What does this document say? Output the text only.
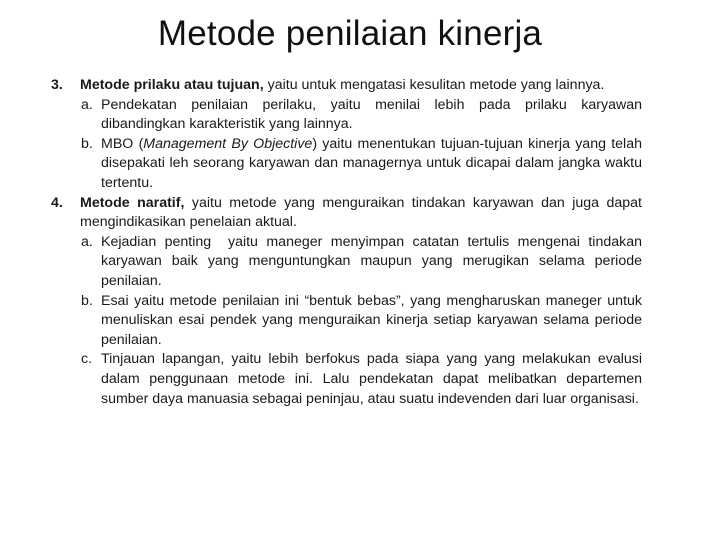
Metode penilaian kinerja
3. Metode prilaku atau tujuan, yaitu untuk mengatasi kesulitan metode yang lainnya.
a. Pendekatan penilaian perilaku, yaitu menilai lebih pada prilaku karyawan dibandingkan karakteristik yang lainnya.
b. MBO (Management By Objective) yaitu menentukan tujuan-tujuan kinerja yang telah disepakati leh seorang karyawan dan managernya untuk dicapai dalam jangka waktu tertentu.
4. Metode naratif, yaitu metode yang menguraikan tindakan karyawan dan juga dapat mengindikasikan penelaian aktual.
a. Kejadian penting  yaitu maneger menyimpan catatan tertulis mengenai tindakan karyawan baik yang menguntungkan maupun yang merugikan selama periode penilaian.
b. Esai yaitu metode penilaian ini “bentuk bebas”, yang mengharuskan maneger untuk menuliskan esai pendek yang menguraikan kinerja setiap karyawan selama periode penilaian.
c. Tinjauan lapangan, yaitu lebih berfokus pada siapa yang yang melakukan evalusi dalam penggunaan metode ini. Lalu pendekatan dapat melibatkan departemen sumber daya manuasia sebagai peninjau, atau suatu indevenden dari luar organisasi.
